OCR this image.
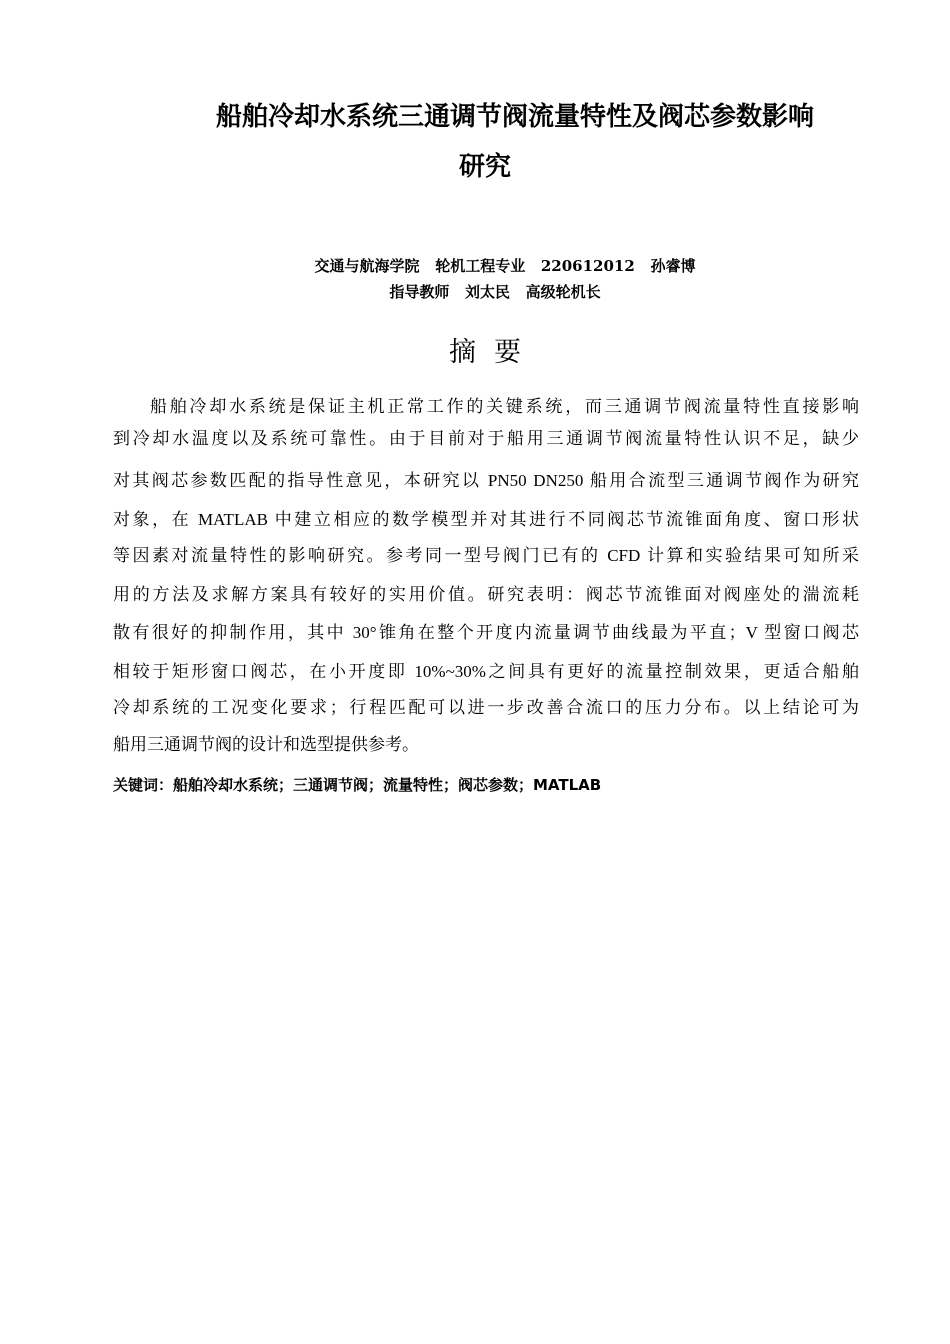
船舶冷却水系统三通调节阀流量特性及阀芯参数影响
研究
交通与航海学院   轮机工程专业   220612012   孙睿博
指导教师   刘太民   高级轮机长
摘要
船舶冷却水系统是保证主机正常工作的关键系统，而三通调节阀流量特性直接影响
到冷却水温度以及系统可靠性。由于目前对于船用三通调节阀流量特性认识不足，缺少
对其阀芯参数匹配的指导性意见，本研究以 PN50 DN250 船用合流型三通调节阀作为研究
对象，在 MATLAB 中建立相应的数学模型并对其进行不同阀芯节流锥面角度、窗口形状
等因素对流量特性的影响研究。参考同一型号阀门已有的 CFD 计算和实验结果可知所采
用的方法及求解方案具有较好的实用价值。研究表明：阀芯节流锥面对阀座处的湍流耗
散有很好的抑制作用，其中 30°锥角在整个开度内流量调节曲线最为平直；V 型窗口阀芯
相较于矩形窗口阀芯，在小开度即 10%~30%之间具有更好的流量控制效果，更适合船舶
冷却系统的工况变化要求；行程匹配可以进一步改善合流口的压力分布。以上结论可为
船用三通调节阀的设计和选型提供参考。
关键词：船舶冷却水系统；三通调节阀；流量特性；阀芯参数；MATLAB
